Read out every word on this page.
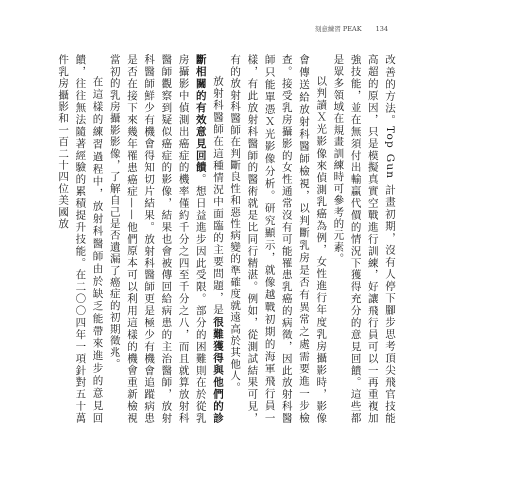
刻意練習 PEAK 134

改善的方法。Top Gun 計畫初期，沒有人停下腳步思考頂尖飛官技能高超的原因，只是模擬真實空戰進行訓練，好讓飛行員可以一再重複加強技能，並在無須付出輸贏代價的情況下獲得充分的意見回饋。這些都是眾多領域在規畫訓練時可參考的元素。

以判讀Ｘ光影像來偵測乳癌為例，女性進行年度乳房攝影時，影像會傳送給放射科醫師檢視，以判斷乳房是否有異常之處需要進一步檢查。接受乳房攝影的女性通常沒有可能罹患乳癌的病徵，因此放射科醫師只能單憑Ｘ光影像分析。研究顯示，就像越戰初期的海軍飛行員一樣，有此放射科醫師的醫術就是比同行精湛。例如，從測試結果可見，有的放射科醫師在判斷良性和惡性病變的準確度就遠高於其他人。

放射科醫師在這種情況中面臨的主要問題，是很難獲得與他們的診斷相關的有效意見回饋。想日益進步因此受限。部分的困難則在於從乳房攝影中偵測出癌症的機率僅約千分之四至千分之八，而且就算放射科醫師觀察到疑似癌症的影像，結果也會被傳回給病患的主治醫師，放射科醫師鮮少有機會得知切片結果。放射科醫師更是極少有機會追蹤病患是否在接下來幾年罹患癌症——他們原本可以利用這樣的機會重新檢視當初的乳房攝影影像，了解自己是否遺漏了癌症的初期徵兆。

在這樣的練習過程中，放射科醫師由於缺乏能帶來進步的意見回饋，往往無法隨著經驗的累積提升技能。在二〇〇四年一項針對五十萬件乳房攝影和一百二十四位美國放
